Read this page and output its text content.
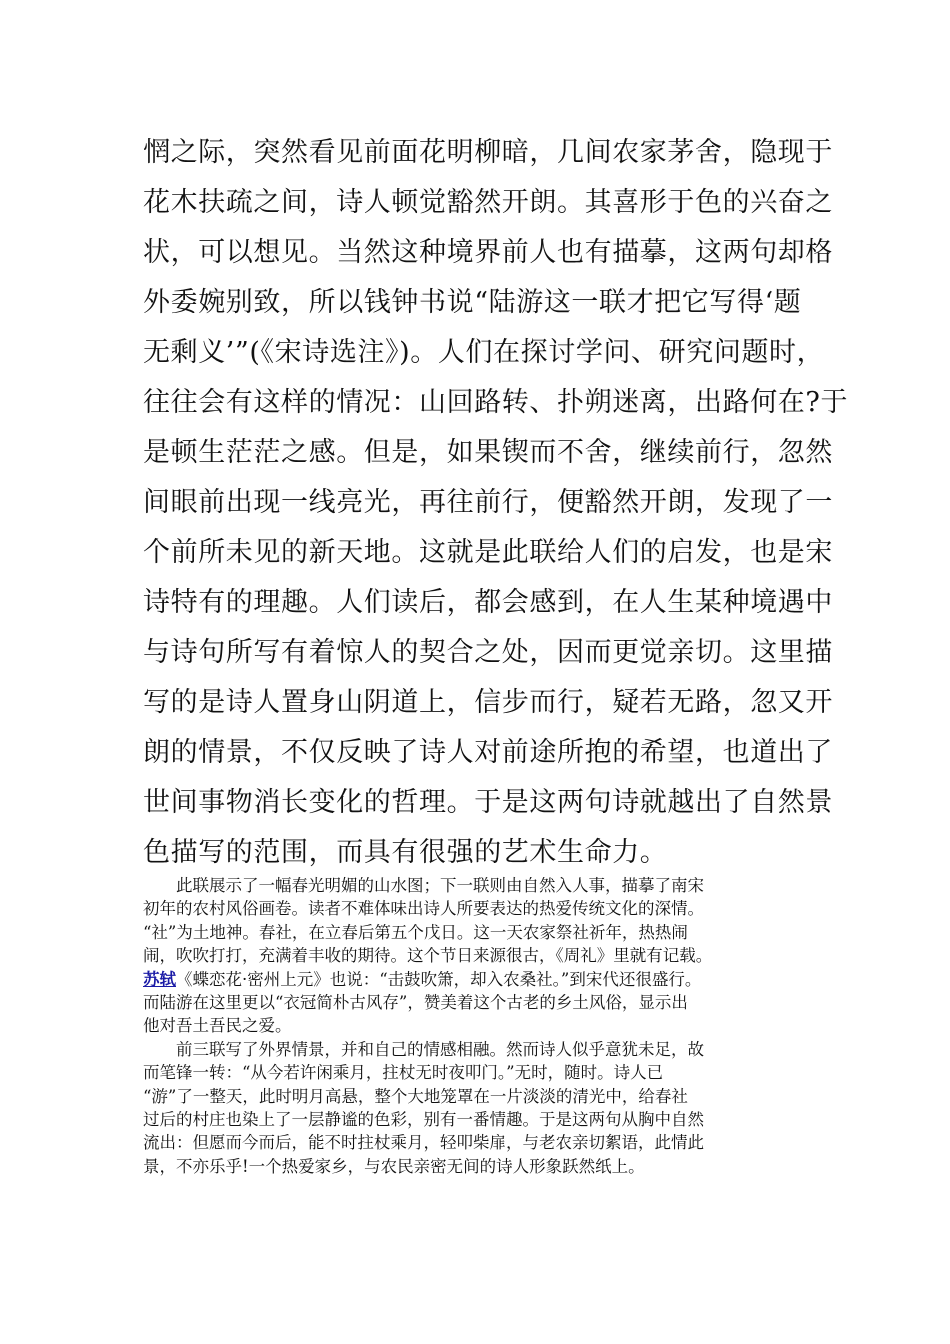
惘之际，突然看见前面花明柳暗，几间农家茅舍，隐现于
花木扶疏之间，诗人顿觉豁然开朗。其喜形于色的兴奋之
状，可以想见。当然这种境界前人也有描摹，这两句却格
外委婉别致，所以钱钟书说“陆游这一联才把它写得‘题
无剩义’”(《宋诗选注》)。人们在探讨学问、研究问题时，
往往会有这样的情况：山回路转、扑朔迷离，出路何在?于
是顿生茫茫之感。但是，如果锲而不舍，继续前行，忽然
间眼前出现一线亮光，再往前行，便豁然开朗，发现了一
个前所未见的新天地。这就是此联给人们的启发，也是宋
诗特有的理趣。人们读后，都会感到，在人生某种境遇中
与诗句所写有着惊人的契合之处，因而更觉亲切。这里描
写的是诗人置身山阴道上，信步而行，疑若无路，忽又开
朗的情景，不仅反映了诗人对前途所抱的希望，也道出了
世间事物消长变化的哲理。于是这两句诗就越出了自然景
色描写的范围，而具有很强的艺术生命力。
　　此联展示了一幅春光明媚的山水图；下一联则由自然入人事，描摹了南宋
初年的农村风俗画卷。读者不难体味出诗人所要表达的热爱传统文化的深情。
“社”为土地神。春社，在立春后第五个戊日。这一天农家祭社祈年，热热闹
闹，吹吹打打，充满着丰收的期待。这个节日来源很古，《周礼》里就有记载。
苏轼《蝶恋花·密州上元》也说：“击鼓吹箫，却入农桑社。”到宋代还很盛行。
而陆游在这里更以“衣冠简朴古风存”，赞美着这个古老的乡土风俗，显示出
他对吾土吾民之爱。
　　前三联写了外界情景，并和自己的情感相融。然而诗人似乎意犹未足，故
而笔锋一转：“从今若许闲乘月，拄杖无时夜叩门。”无时，随时。诗人已
“游”了一整天，此时明月高悬，整个大地笼罩在一片淡淡的清光中，给春社
过后的村庄也染上了一层静谧的色彩，别有一番情趣。于是这两句从胸中自然
流出：但愿而今而后，能不时拄杖乘月，轻叩柴扉，与老农亲切絮语，此情此
景，不亦乐乎!一个热爱家乡，与农民亲密无间的诗人形象跃然纸上。
